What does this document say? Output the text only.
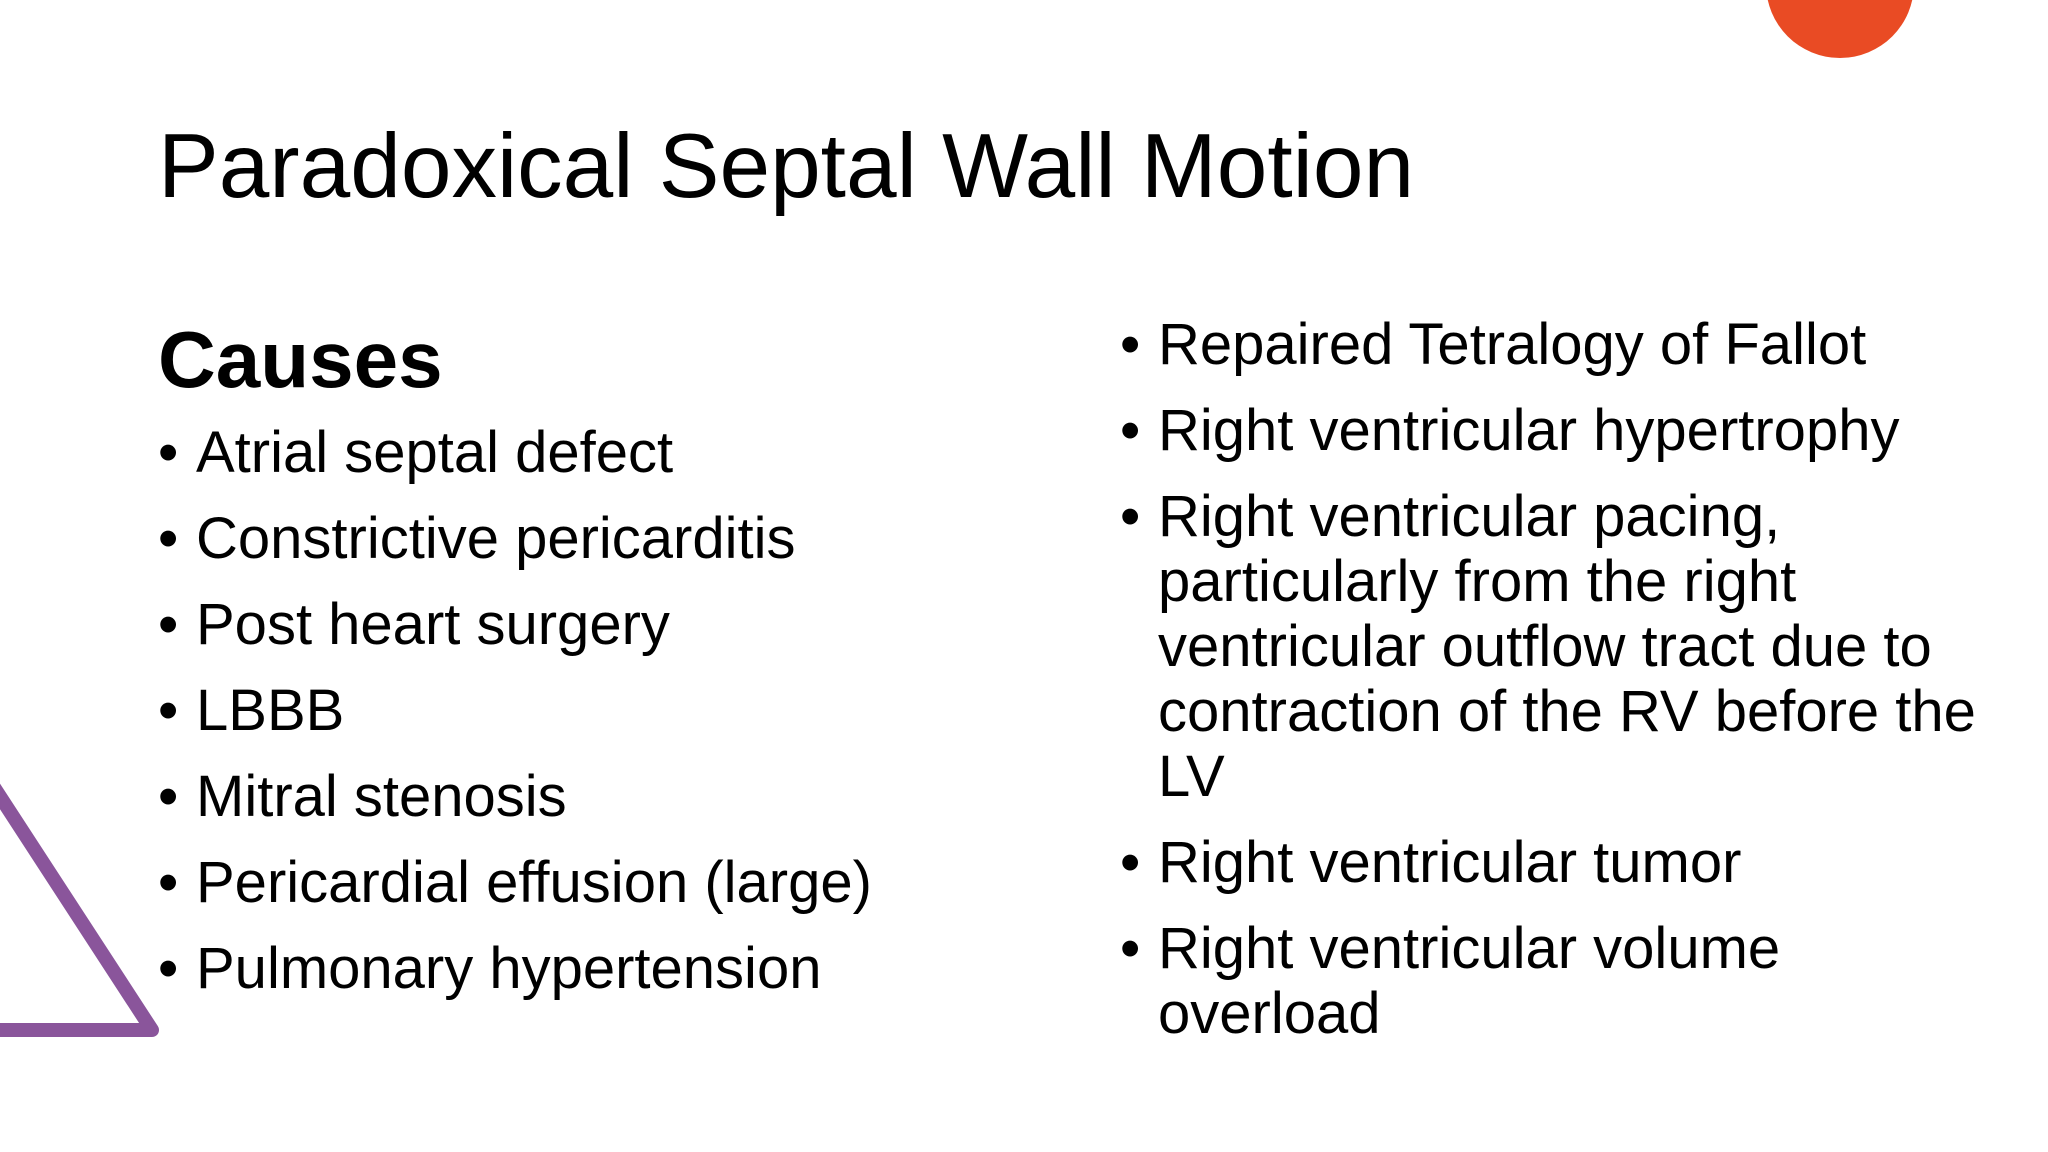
Paradoxical Septal Wall Motion
Causes
• Atrial septal defect
• Constrictive pericarditis
• Post heart surgery
• LBBB
• Mitral stenosis
• Pericardial effusion (large)
• Pulmonary hypertension
• Repaired Tetralogy of Fallot
• Right ventricular hypertrophy
• Right ventricular pacing, particularly from the right ventricular outflow tract due to contraction of the RV before the LV
• Right ventricular tumor
• Right ventricular volume overload
